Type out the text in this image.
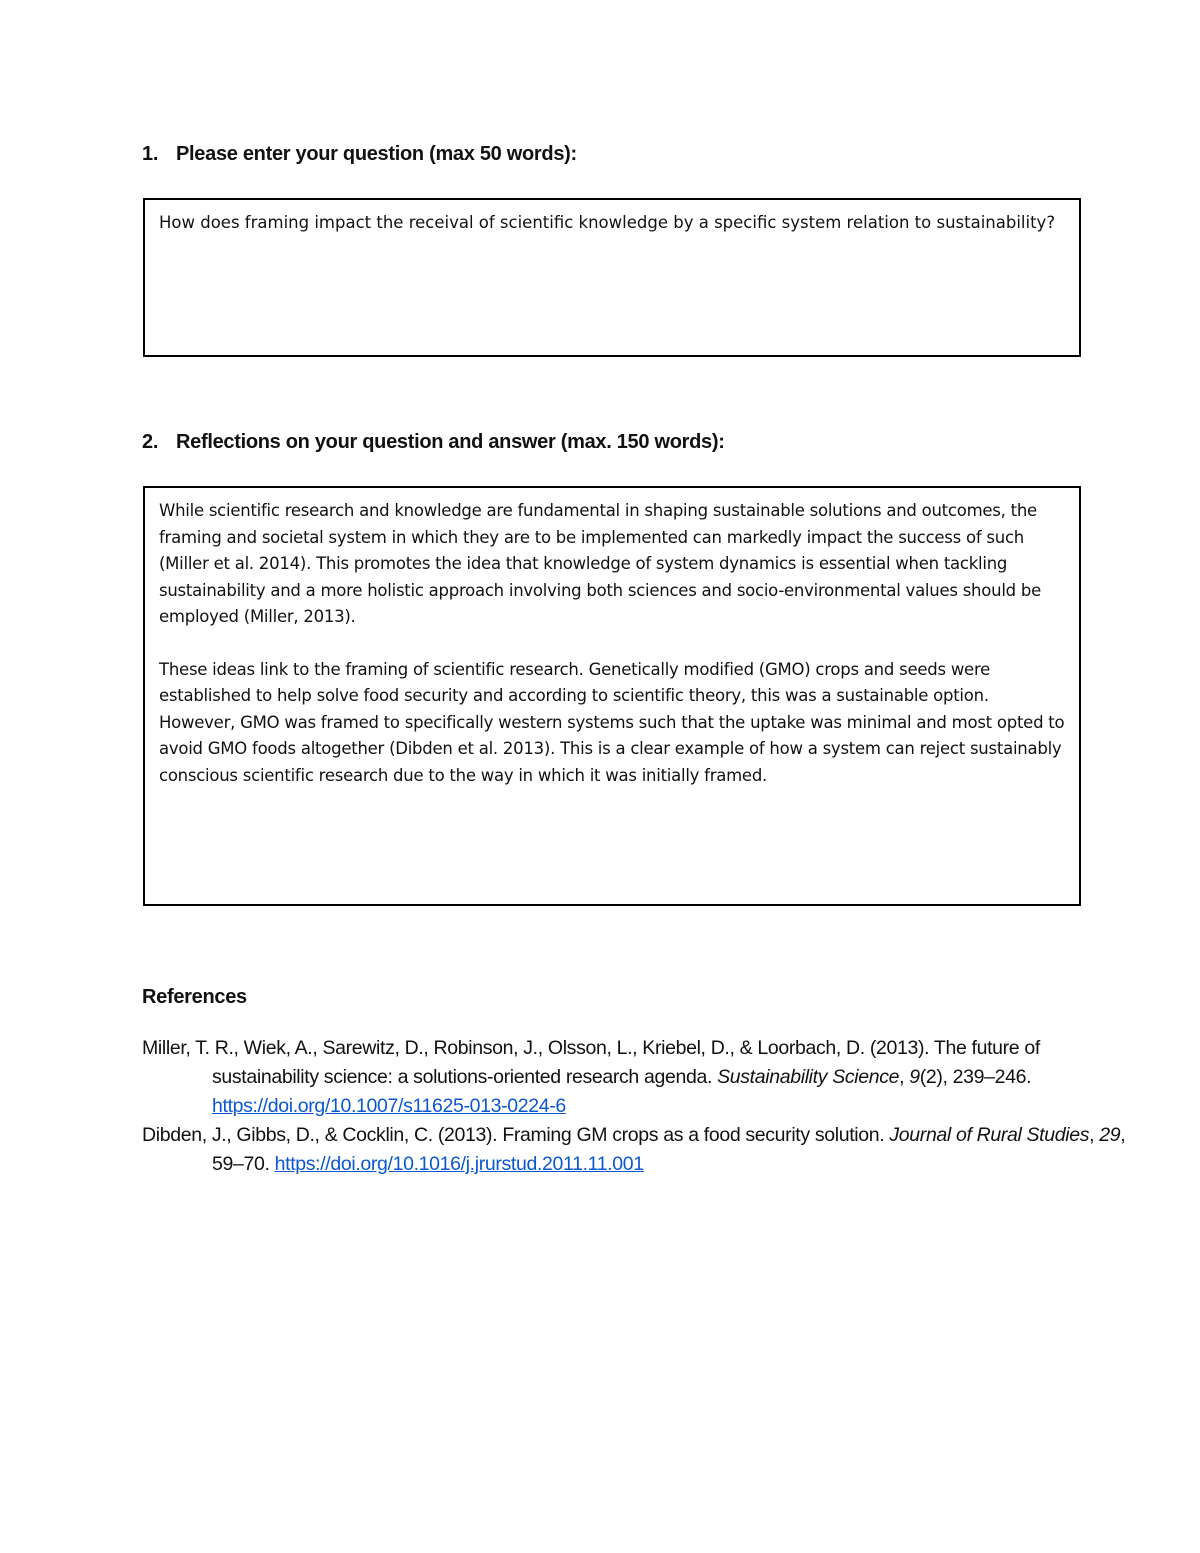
1. Please enter your question (max 50 words):

How does framing impact the receival of scientific knowledge by a specific system relation to sustainability?

2. Reflections on your question and answer (max. 150 words):

While scientific research and knowledge are fundamental in shaping sustainable solutions and outcomes, the framing and societal system in which they are to be implemented can markedly impact the success of such (Miller et al. 2014). This promotes the idea that knowledge of system dynamics is essential when tackling sustainability and a more holistic approach involving both sciences and socio-environmental values should be employed (Miller, 2013).

These ideas link to the framing of scientific research. Genetically modified (GMO) crops and seeds were established to help solve food security and according to scientific theory, this was a sustainable option. However, GMO was framed to specifically western systems such that the uptake was minimal and most opted to avoid GMO foods altogether (Dibden et al. 2013). This is a clear example of how a system can reject sustainably conscious scientific research due to the way in which it was initially framed.

References

Miller, T. R., Wiek, A., Sarewitz, D., Robinson, J., Olsson, L., Kriebel, D., & Loorbach, D. (2013). The future of sustainability science: a solutions-oriented research agenda. Sustainability Science, 9(2), 239–246. https://doi.org/10.1007/s11625-013-0224-6

Dibden, J., Gibbs, D., & Cocklin, C. (2013). Framing GM crops as a food security solution. Journal of Rural Studies, 29, 59–70. https://doi.org/10.1016/j.jrurstud.2011.11.001
